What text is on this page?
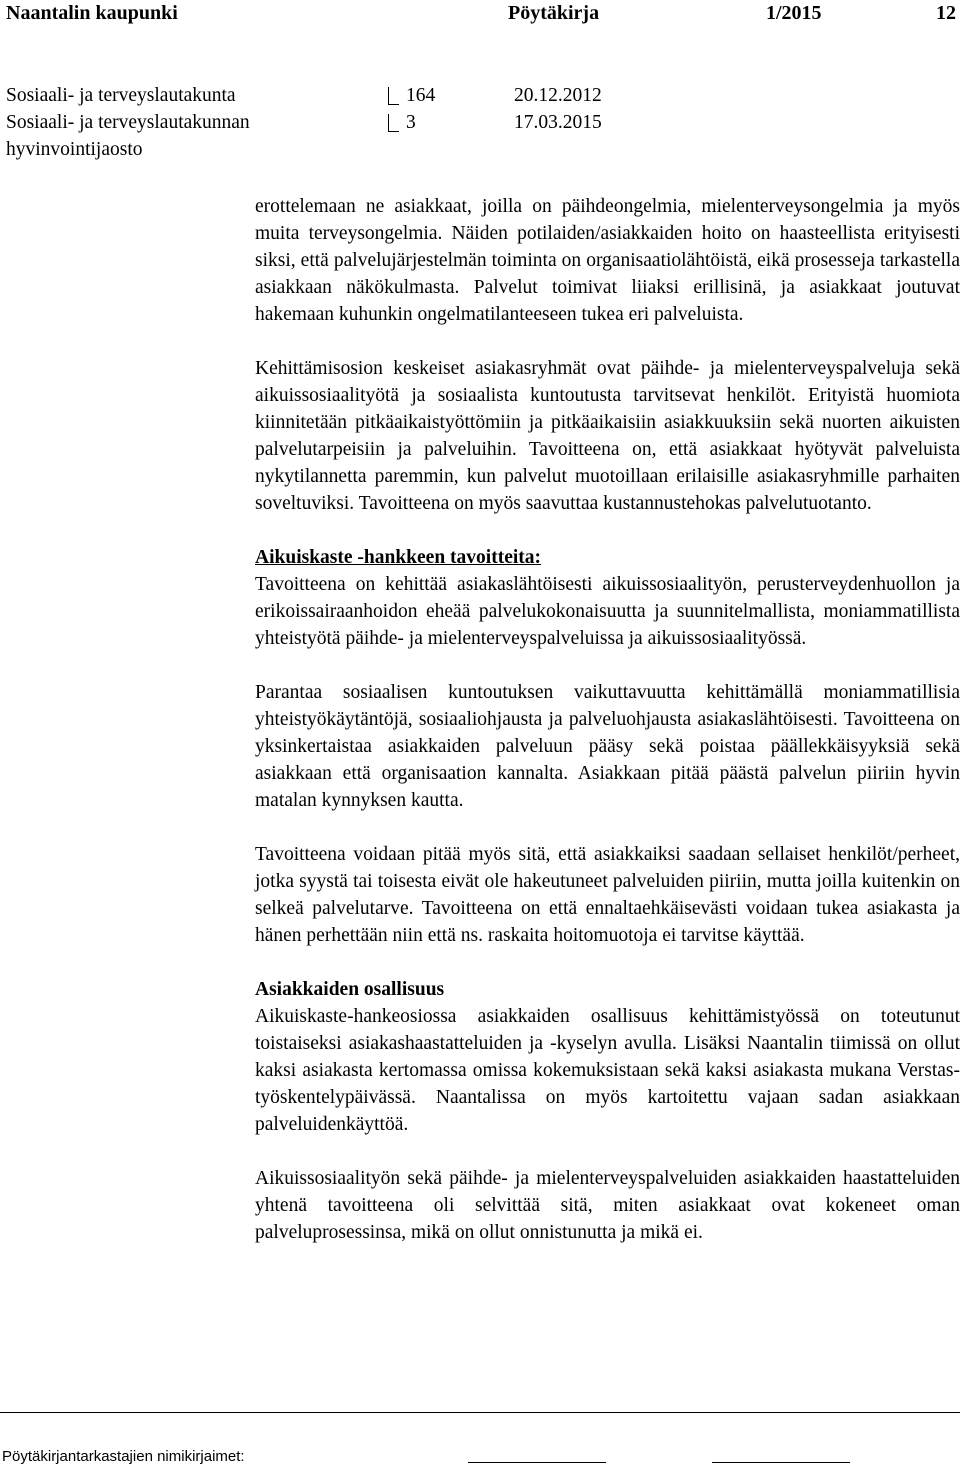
Naantalin kaupunki	Pöytäkirja	1/2015	12
Sosiaali- ja terveyslautakunta	164	20.12.2012
Sosiaali- ja terveyslautakunnan	3	17.03.2015
hyvinvointijaosto

erottelemaan ne asiakkaat, joilla on päihdeongelmia, mielenterveysongelmia ja myös muita terveysongelmia. Näiden potilaiden/asiakkaiden hoito on haasteellista erityisesti siksi, että palvelujärjestelmän toiminta on organisaatiolähtöistä, eikä prosesseja tarkastella asiakkaan näkökulmasta. Palvelut toimivat liiaksi erillisinä, ja asiakkaat joutuvat hakemaan kuhunkin ongelmatilanteeseen tukea eri palveluista.

Kehittämisosion keskeiset asiakasryhmät ovat päihde- ja mielenterveyspalveluja sekä aikuissosiaalityötä ja sosiaalista kuntoutusta tarvitsevat henkilöt. Erityistä huomiota kiinnitetään pitkäaikaistyöttömiin ja pitkäaikaisiin asiakkuuksiin sekä nuorten aikuisten palvelutarpeisiin ja palveluihin. Tavoitteena on, että asiakkaat hyötyvät palveluista nykytilannetta paremmin, kun palvelut muotoillaan erilaisille asiakasryhmille parhaiten soveltuviksi. Tavoitteena on myös saavuttaa kustannustehokas palvelutuotanto.

Aikuiskaste -hankkeen tavoitteita:

Tavoitteena on kehittää asiakaslähtöisesti aikuissosiaalityön, perusterveydenhuollon ja erikoissairaanhoidon eheää palvelukokonaisuutta ja suunnitelmallista, moniammatillista yhteistyötä päihde- ja mielenterveyspalveluissa ja aikuissosiaalityössä.

Parantaa sosiaalisen kuntoutuksen vaikuttavuutta kehittämällä moniammatillisia yhteistyökäytäntöjä, sosiaaliohjausta ja palveluohjausta asiakaslähtöisesti. Tavoitteena on yksinkertaistaa asiakkaiden palveluun pääsy sekä poistaa päällekkäisyyksiä sekä asiakkaan että organisaation kannalta. Asiakkaan pitää päästä palvelun piiriin hyvin matalan kynnyksen kautta.

Tavoitteena voidaan pitää myös sitä, että asiakkaiksi saadaan sellaiset henkilöt/perheet, jotka syystä tai toisesta eivät ole hakeutuneet palveluiden piiriin, mutta joilla kuitenkin on selkeä palvelutarve. Tavoitteena on että ennaltaehkäisevästi voidaan tukea asiakasta ja hänen perhettään niin että ns. raskaita hoitomuotoja ei tarvitse käyttää.

Asiakkaiden osallisuus

Aikuiskaste-hankeosiossa asiakkaiden osallisuus kehittämistyössä on toteutunut toistaiseksi asiakashaastatteluiden ja -kyselyn avulla. Lisäksi Naantalin tiimissä on ollut kaksi asiakasta kertomassa omissa kokemuksistaan sekä kaksi asiakasta mukana Verstas-työskentelypäivässä. Naantalissa on myös kartoitettu vajaan sadan asiakkaan palveluidenkäyttöä.

Aikuissosiaalityön sekä päihde- ja mielenterveyspalveluiden asiakkaiden haastatteluiden yhtenä tavoitteena oli selvittää sitä, miten asiakkaat ovat kokeneet oman palveluprosessinsa, mikä on ollut onnistunutta ja mikä ei.

Pöytäkirjantarkastajien nimikirjaimet:
